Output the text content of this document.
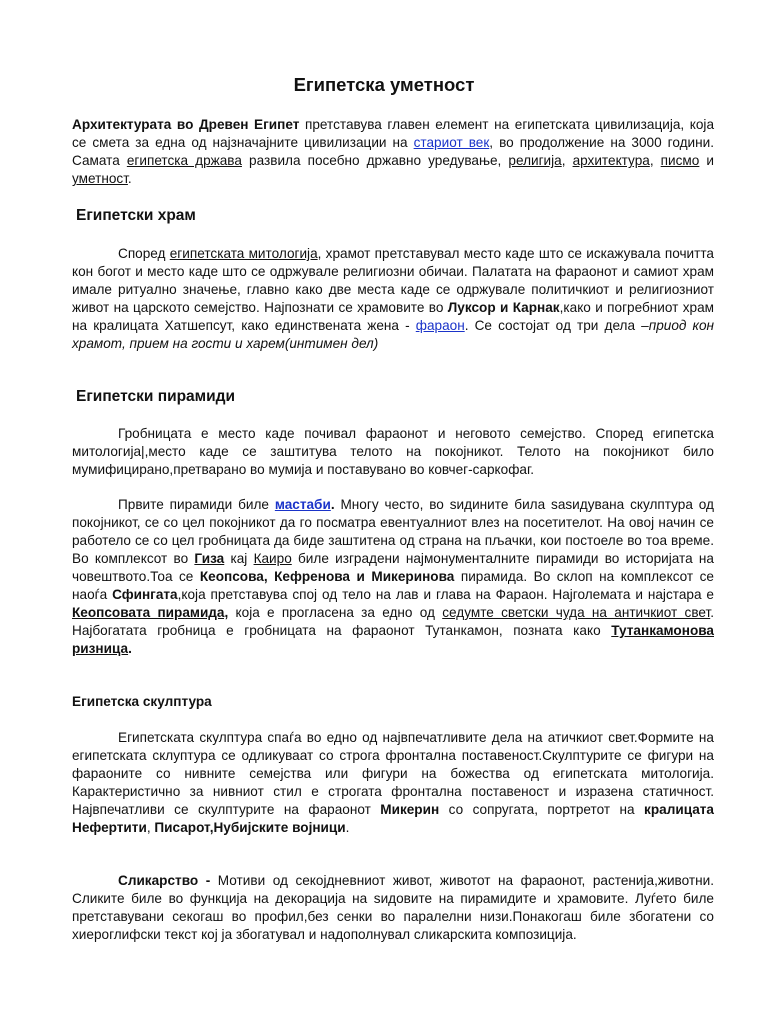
Египетска уметност

Архитектурата во Древен Египет претставува главен елемент на египетската цивилизација, која се смета за една од најзначајните цивилизации на стариот век, во продолжение на 3000 години. Самата египетска држава развила посебно државно уредување, религија, архитектура, писмо и уметност.

Египетски храм

Според египетската митологија, храмот претставувал место каде што се искажувала почитта кон богот и место каде што се одржувале религиозни обичаи. Палатата на фараонот и самиот храм имале ритуално значење, главно како две места каде се одржувале политичкиот и религиозниот живот на царското семејство. Најпознати се храмовите во Луксор и Карнак,како и погребниот храм на кралицата Хатшепсут, како единствената жена - фараон. Се состојат од три дела –приод кон храмот, прием на гости и харем(интимен дел)

Египетски пирамиди

Гробницата е место каде почивал фараонот и неговото семејство. Според египетска митологија|,место каде се заштитува телото на покојникот. Телото на покојникот било мумифицирано,претварано во мумија и поставувано во ковчег-саркофаг.

Првите пирамиди биле мастаби. Многу често, во ѕидините била ѕаѕидувана скулптура од покојникот, се со цел покојникот да го посматра евентуалниот влез на посетителот. На овој начин се работело се со цел гробницата да биде заштитена од страна на пљачки, кои постоеле во тоа време. Во комплексот во Гиза кај Каиро биле изградени најмонументалните пирамиди во историјата на човештвото.Тоа се Кеопсова, Кефренова и Микеринова пирамида. Во склоп на комплексот се наоѓа Сфингата,која претставува спој од тело на лав и глава на Фараон. Најголемата и најстара е Кеопсовата пирамида, која е прогласена за едно од седумте светски чуда на античкиот свет. Најбогатата гробница е гробницата на фараонот Тутанкамон, позната како Тутанкамонова ризница.

Египетска скулптура

Египетската скулптура спаѓа во едно од највпечатливите дела на атичкиот свет.Формите на египетската склуптура се одликуваат со строга фронтална поставеност.Скулптурите се фигури на фараоните со нивните семејства или фигури на божества од египетската митологија. Карактеристично за нивниот стил е строгата фронтална поставеност и изразена статичност. Највпечатливи се скулптурите на фараонот Микерин со сопругата, портретот на кралицата Нефертити, Писарот,Нубијските војници.

Сликарство - Мотиви од секојдневниот живот, животот на фараонот, растенија,животни. Сликите биле во функција на декорација на ѕидовите на пирамидите и храмовите. Луѓето биле претставувани секогаш во профил,без сенки во паралелни низи.Понакогаш биле збогатени со хиероглифски текст кој ја збогатувал и надополнувал сликарскита композиција.
